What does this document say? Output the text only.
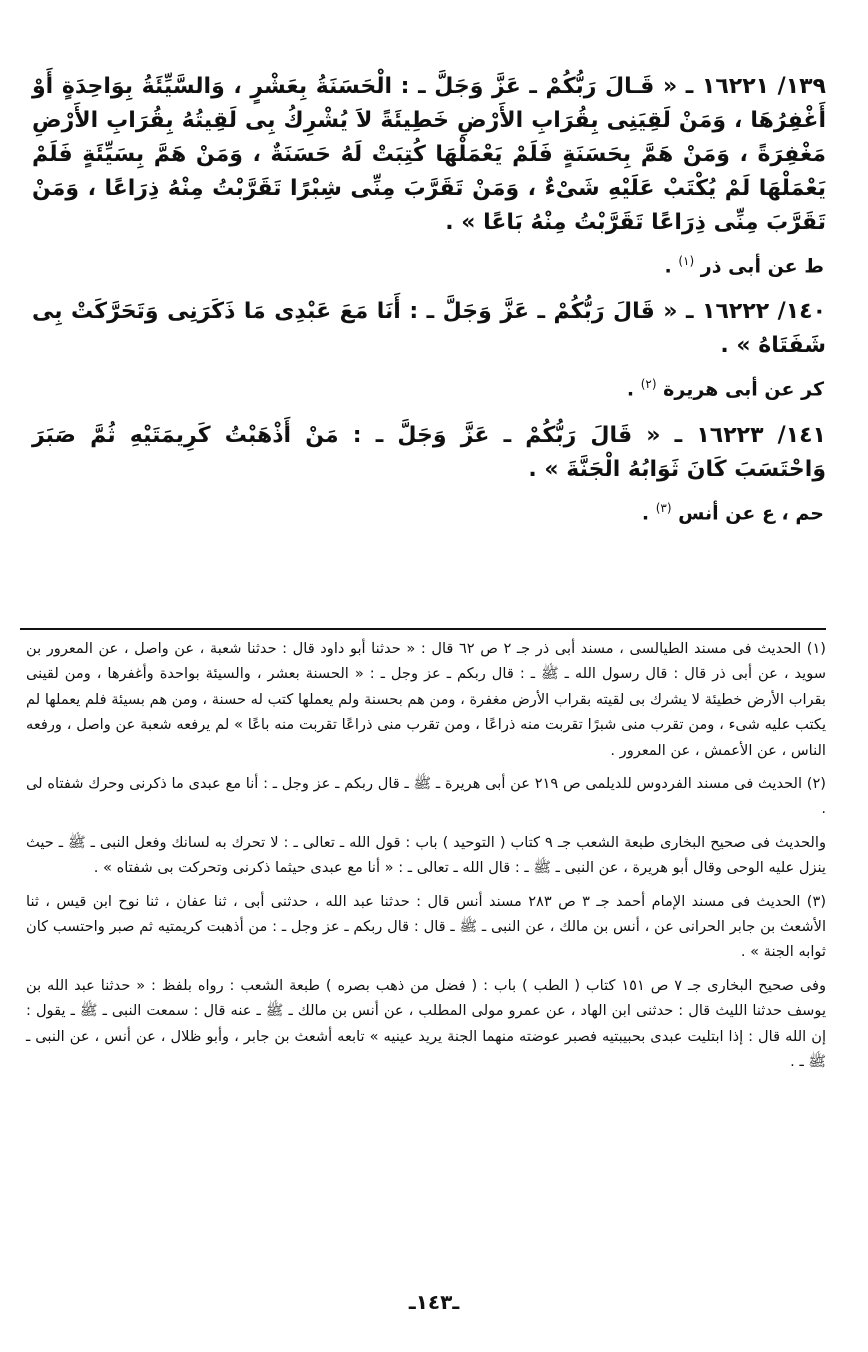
١٣٩/ ١٦٢٢١ ـ « قَـالَ رَبُّكُمْ ـ عَزَّ وَجَلَّ ـ : الْحَسَنَةُ بِعَشْرٍ ، وَالسَّيِّئَةُ بِوَاحِدَةٍ أَوْ أَغْفِرُهَا ، وَمَنْ لَقِيَنِى بِقُرَابِ الأَرْضِ خَطِيئَةً لاَ يُشْرِكُ بِى لَقِيتُهُ بِقُرَابِ الأَرْضِ مَغْفِرَةً ، وَمَنْ هَمَّ بِحَسَنَةٍ فَلَمْ يَعْمَلْهَا كُتِبَتْ لَهُ حَسَنَةٌ ، وَمَنْ هَمَّ بِسَيِّئَةٍ فَلَمْ يَعْمَلْهَا لَمْ يُكْتَبْ عَلَيْهِ شَىْءٌ ، وَمَنْ تَقَرَّبَ مِنِّى شِبْرًا تَقَرَّبْتُ مِنْهُ ذِرَاعًا ، وَمَنْ تَقَرَّبَ مِنِّى ذِرَاعًا تَقَرَّبْتُ مِنْهُ بَاعًا » .

ط عن أبى ذر $^{(١)}$ .

١٤٠/ ١٦٢٢٢ ـ « قَالَ رَبُّكُمْ ـ عَزَّ وَجَلَّ ـ : أَنَا مَعَ عَبْدِى مَا ذَكَرَنِى وَتَحَرَّكَتْ بِى شَفَتَاهُ » .

كر عن أبى هريرة $^{(٢)}$ .

١٤١/ ١٦٢٢٣ ـ « قَالَ رَبُّكُمْ ـ عَزَّ وَجَلَّ ـ : مَنْ أَذْهَبْتُ كَرِيمَتَيْهِ ثُمَّ صَبَرَ وَاحْتَسَبَ كَانَ ثَوَابُهُ الْجَنَّةَ » .

حم ، ع عن أنس $^{(٣)}$ .

(١) الحديث فى مسند الطيالسى ، مسند أبى ذر جـ ٢ ص ٦٢ قال : « حدثنا أبو داود قال : حدثنا شعبة ، عن واصل ، عن المعرور بن سويد ، عن أبى ذر قال : قال رسول الله ـ ﷺ ـ : قال ربكم ـ عز وجل ـ : « الحسنة بعشر ، والسيئة بواحدة وأغفرها ، ومن لقينى بقراب الأرض خطيئة لا يشرك بى لقيته بقراب الأرض مغفرة ، ومن هم بحسنة ولم يعملها كتب له حسنة ، ومن هم بسيئة فلم يعملها لم يكتب عليه شىء ، ومن تقرب منى شبرًا تقربت منه ذراعًا ، ومن تقرب منى ذراعًا تقربت منه باعًا » لم يرفعه شعبة عن واصل ، ورفعه الناس ، عن الأعمش ، عن المعرور .

(٢) الحديث فى مسند الفردوس للديلمى ص ٢١٩ عن أبى هريرة ـ ﷺ ـ قال ربكم ـ عز وجل ـ : أنا مع عبدى ما ذكرنى وحرك شفتاه لى .

والحديث فى صحيح البخارى طبعة الشعب جـ ٩ كتاب ( التوحيد ) باب : قول الله ـ تعالى ـ : لا تحرك به لسانك وفعل النبى ـ ﷺ ـ حيث ينزل عليه الوحى وقال أبو هريرة ، عن النبى ـ ﷺ ـ : قال الله ـ تعالى ـ : « أنا مع عبدى حيثما ذكرنى وتحركت بى شفتاه » .

(٣) الحديث فى مسند الإمام أحمد جـ ٣ ص ٢٨٣ مسند أنس قال : حدثنا عبد الله ، حدثنى أبى ، ثنا عفان ، ثنا نوح ابن قيس ، ثنا الأشعث بن جابر الحرانى عن ، أنس بن مالك ، عن النبى ـ ﷺ ـ قال : قال ربكم ـ عز وجل ـ : من أذهبت كريمتيه ثم صبر واحتسب كان ثوابه الجنة » .

وفى صحيح البخارى جـ ٧ ص ١٥١ كتاب ( الطب ) باب : ( فضل من ذهب بصره ) طبعة الشعب : رواه بلفظ : « حدثنا عبد الله بن يوسف حدثنا الليث قال : حدثنى ابن الهاد ، عن عمرو مولى المطلب ، عن أنس بن مالك ـ ﷺ ـ عنه قال : سمعت النبى ـ ﷺ ـ يقول : إن الله قال : إذا ابتليت عبدى بحبيبتيه فصبر عوضته منهما الجنة يريد عينيه » تابعه أشعث بن جابر ، وأبو ظلال ، عن أنس ، عن النبى ـ ﷺ ـ .

ـ١٤٣ـ
